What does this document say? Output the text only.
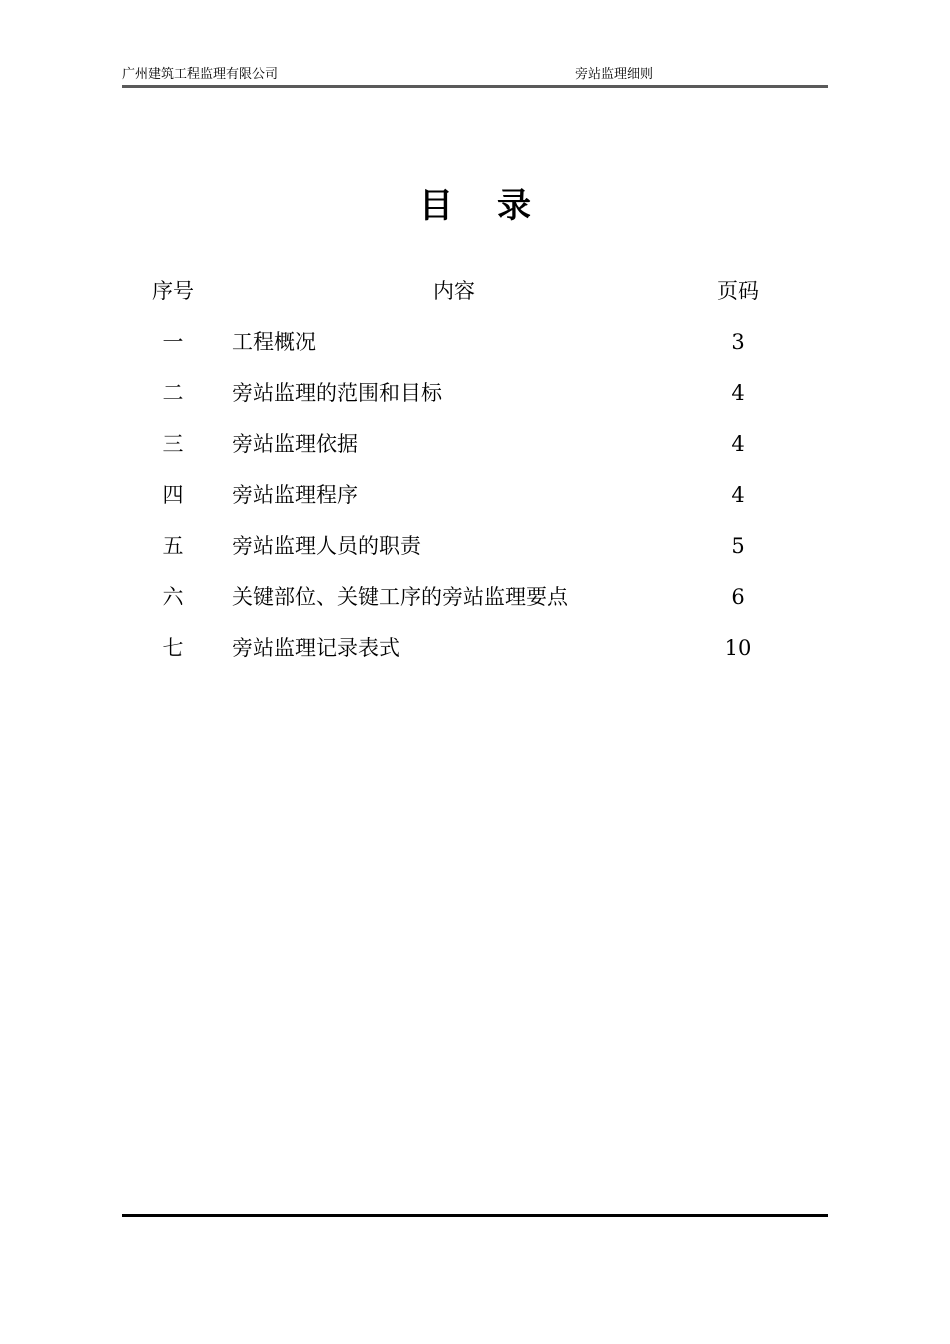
广州建筑工程监理有限公司	旁站监理细则
目录
序号	内容	页码
一	工程概况	3
二	旁站监理的范围和目标	4
三	旁站监理依据	4
四	旁站监理程序	4
五	旁站监理人员的职责	5
六	关键部位、关键工序的旁站监理要点	6
七	旁站监理记录表式	10
